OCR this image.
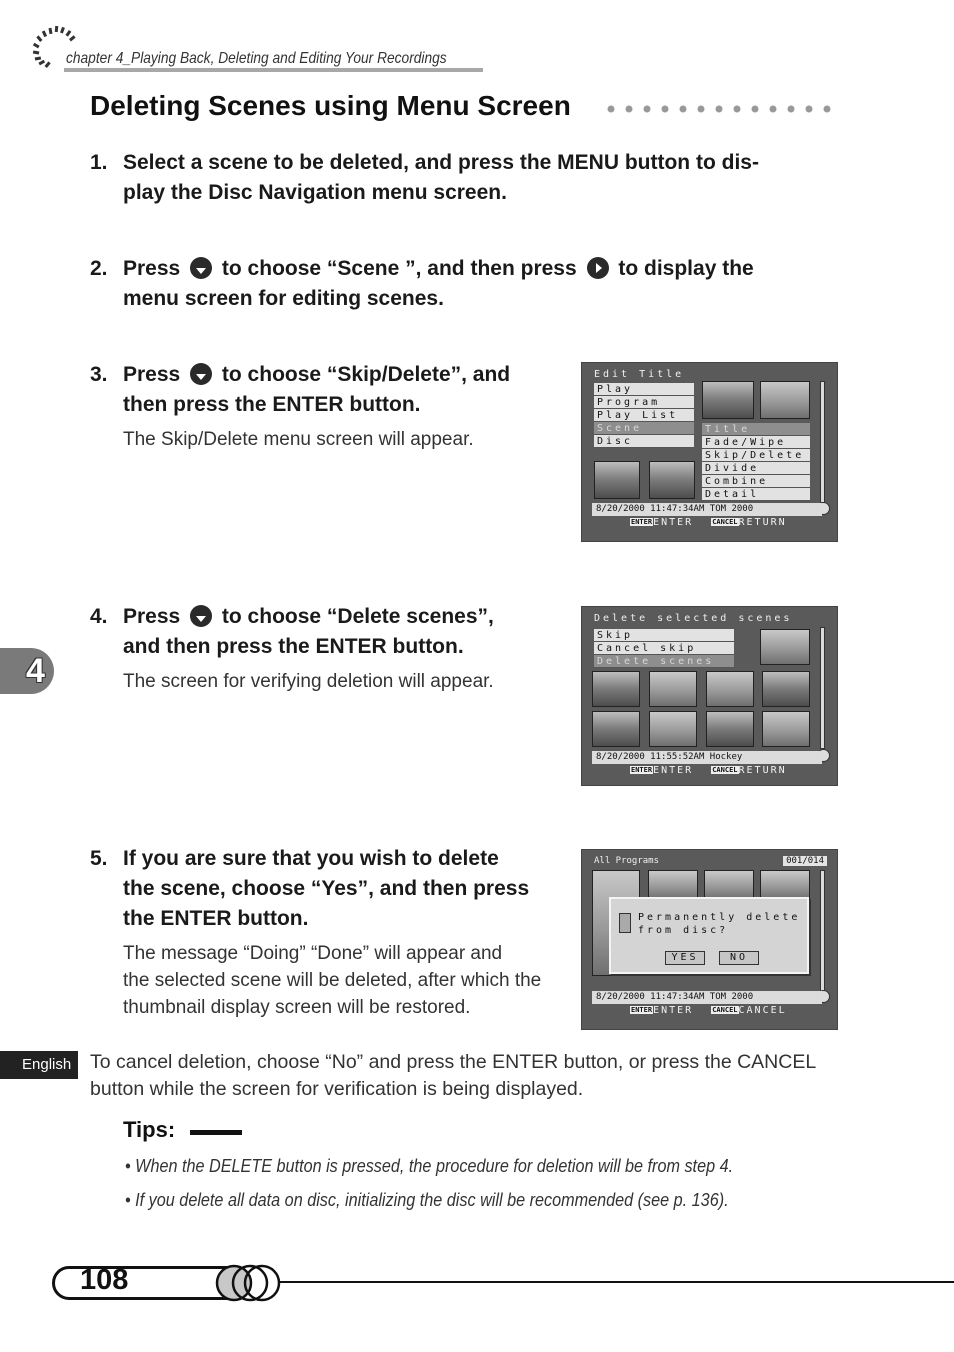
chapter 4_Playing Back, Deleting and Editing Your Recordings
Deleting Scenes using Menu Screen
1. Select a scene to be deleted, and press the MENU button to dis-
play the Disc Navigation menu screen.
2. Press to choose “Scene ”, and then press to display the
menu screen for editing scenes.
3. Press to choose “Skip/Delete”, and
then press the ENTER button.
The Skip/Delete menu screen will appear.
Edit Title
Play
Program
Play List
Scene
Disc
Title
Fade/Wipe
Skip/Delete
Divide
Combine
Detail
8/20/2000 11:47:34AM TOM 2000
ENTERENTER	CANCELRETURN
4. Press to choose “Delete scenes”,
and then press the ENTER button.
The screen for verifying deletion will appear.
Delete selected scenes
Skip
Cancel skip
Delete scenes
8/20/2000 11:55:52AM Hockey
ENTERENTER	CANCELRETURN
5. If you are sure that you wish to delete
the scene, choose “Yes”, and then press
the ENTER button.
The message “Doing” “Done” will appear and
the selected scene will be deleted, after which the
thumbnail display screen will be restored.
All Programs	001/014
Permanently delete
from disc?
YES	NO
8/20/2000 11:47:34AM TOM 2000
ENTERENTER	CANCELCANCEL
4
English To cancel deletion, choose “No” and press the ENTER button, or press the CANCEL button while the screen for verification is being displayed.
Tips:
• When the DELETE button is pressed, the procedure for deletion will be from step 4.
• If you delete all data on disc, initializing the disc will be recommended (see p. 136).
108
